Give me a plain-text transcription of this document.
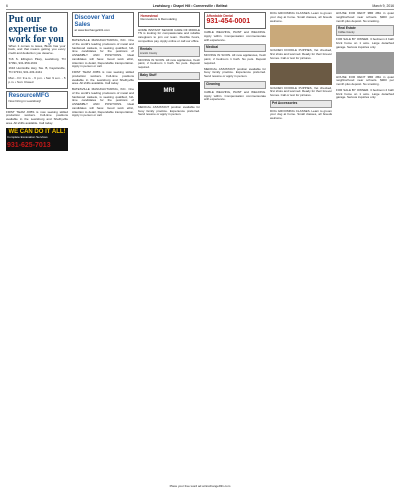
6	Lewisburg • Chapel Hill • Cornersville • Belfast	March 9, 2016
Put our expertise to work for you
When it comes to taxes, Block has your back, and that means getting you every credit and deduction you deserve.
716 S. Ellington Pkwy, Lewisburg, TN 37091, 931-359-1601
1616 Huntsville Hwy, Ste. B, Fayetteville, TN 37334, 931-433-4441
Mon - Fri: 9 a.m. - 6 p.m. • Sat: 9 a.m. - 5 p.m. • Sun: Closed
ResourceMFG
Now hiring in Lewisburg!
FIRST TEAM JOBS is now seeking skilled production workers. Full-time positions available in the Lewisburg and Shelbyville area. All shifts available. Call today.
WE CAN DO IT ALL!
Complete Excavation Services
931-625-7013
Discover Yard Sales
at www.Exchange931.com
BATESVILLE MANUFACTURING, INC. One of the world's leading producers of metal and hardwood caskets, is seeking qualified, full-time candidates for the positions of ASSEMBLY AND POSITIONS. Ideal candidates will have: Good work ethic, Attention to detail, Dependable transportation. Apply in person or call.
FIRST TEAM JOBS is now seeking skilled production workers. Full-time positions available in the Lewisburg and Shelbyville area. All shifts available. Call today.
BATESVILLE MANUFACTURING, INC. One of the world's leading producers of metal and hardwood caskets, is seeking qualified, full-time candidates for the positions of ASSEMBLY AND POSITIONS. Ideal candidates will have: Good work ethic, Attention to detail, Dependable transportation. Apply in person or call.
Homestead
Renovations & Remodeling
HOME INSTANT SENIOR CARE OF MIDDLE TN is looking for compassionate and reliable caregivers to join our team. Flexible hours, competitive pay. Apply online or call our office.
Rentals
Lincoln County
MOVING IN SOON. All new appliances, fresh paint, 2 bedroom 1 bath. No pets. Deposit required.
Baby Stuff
MRI
MEDICAL ASSISTANT position available for busy family practice. Experience preferred. Send resume or apply in person.
Affordable Dental
931-454-0001
CABLE WEAVING, PAINT and WELDING. Apply within. Compensation commensurate with experience.
Medical
MOVING IN SOON. All new appliances, fresh paint, 2 bedroom 1 bath. No pets. Deposit required.
MEDICAL ASSISTANT position available for busy family practice. Experience preferred. Send resume or apply in person.
Cleaning
CABLE WEAVING, PAINT and WELDING. Apply within. Compensation commensurate with experience.
DOG GROOMING CLASSES. Learn to groom your dog at home. Small classes, all breeds welcome.
GOLDEN DOODLE PUPPIES, Vet checked, first shots and wormed. Ready for their forever homes. Call or text for pictures.
GOLDEN DOODLE PUPPIES, Vet checked, first shots and wormed. Ready for their forever homes. Call or text for pictures.
Pet Accessories
DOG GROOMING CLASSES. Learn to groom your dog at home. Small classes, all breeds welcome.
HOUSE FOR RENT 3BR 2BA in quiet neighborhood near schools. $900 per month plus deposit. No smoking.
Real Estate
Coffee County
FOR SALE BY OWNER. 3 bedroom 2 bath brick home on 1 acre. Large detached garage. Serious inquiries only.
HOUSE FOR RENT 3BR 2BA in quiet neighborhood near schools. $900 per month plus deposit. No smoking.
FOR SALE BY OWNER. 3 bedroom 2 bath brick home on 1 acre. Large detached garage. Serious inquiries only.
Place your free word ad at Exchange931.com
